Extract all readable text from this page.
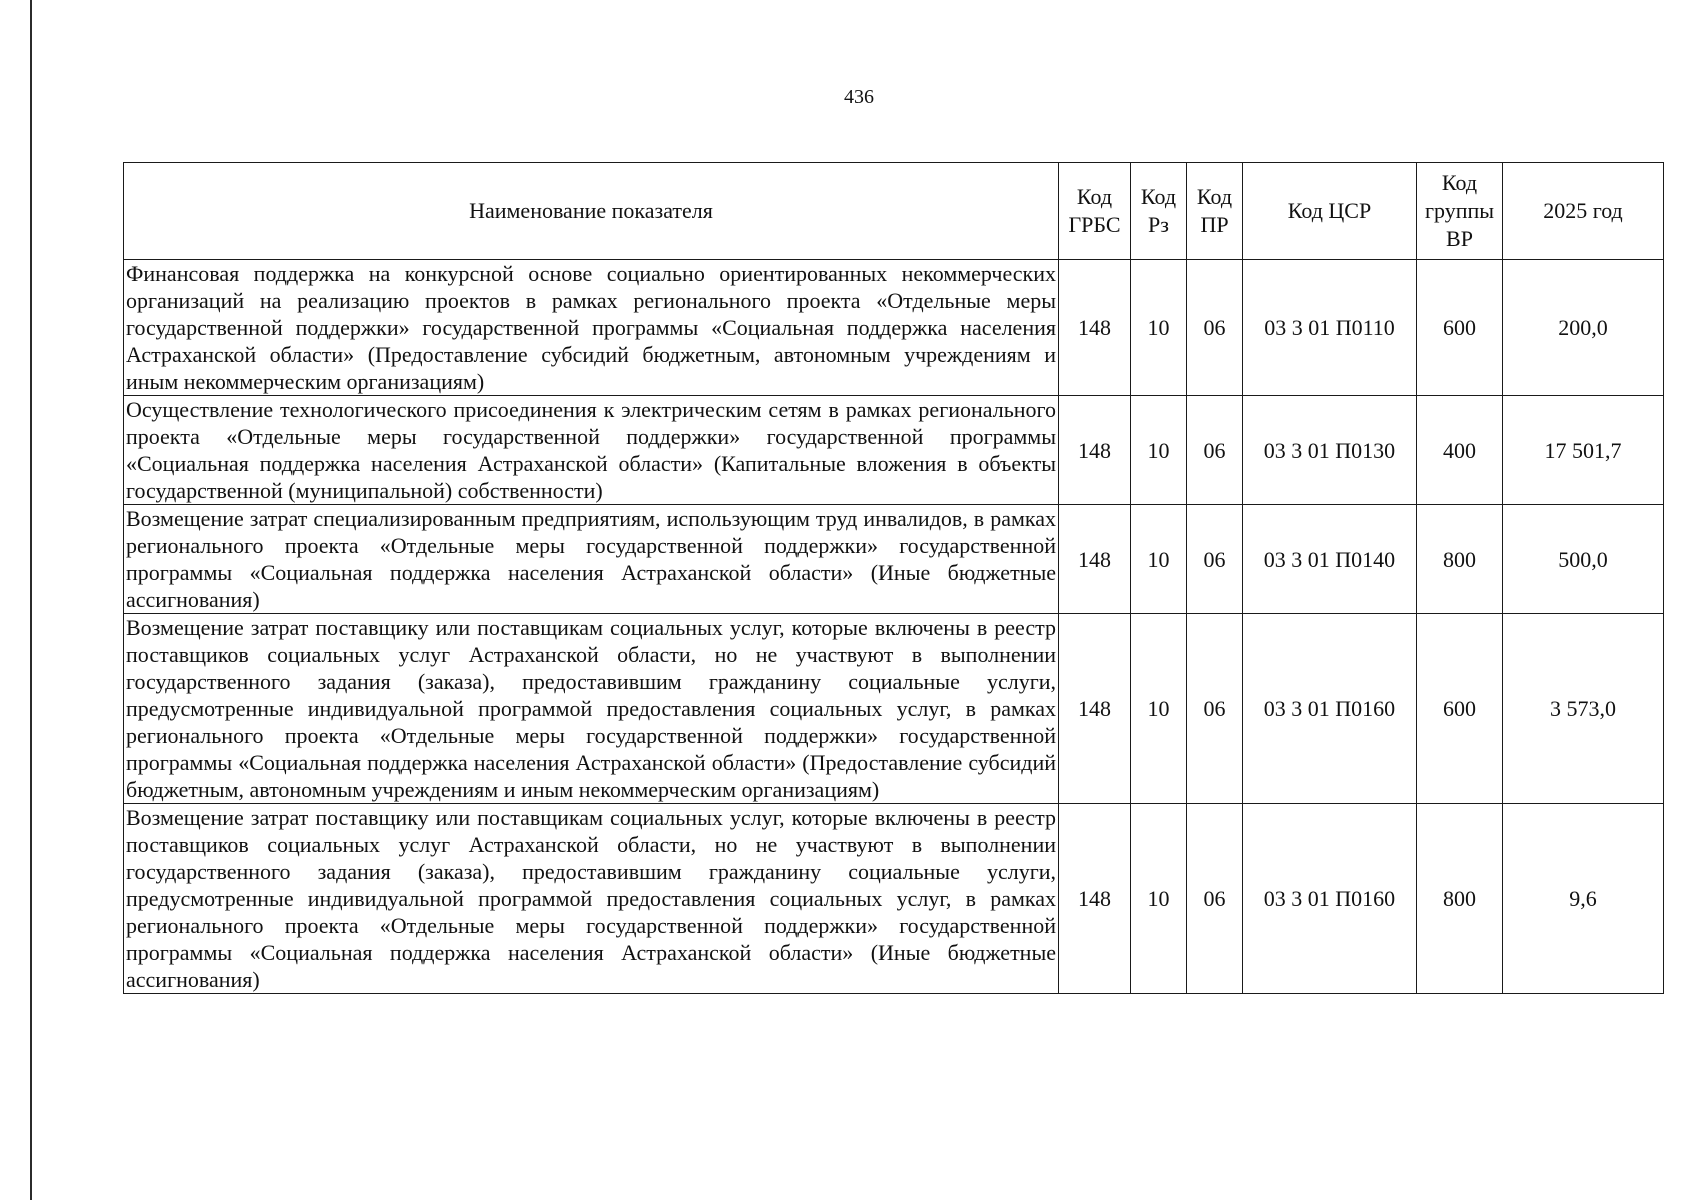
436
Наименование показателя	Код ГРБС	Код Рз	Код ПР	Код ЦСР	Код группы ВР	2025 год
Финансовая поддержка на конкурсной основе социально ориентированных некоммерческих организаций на реализацию проектов в рамках регионального проекта «Отдельные меры государственной поддержки» государственной программы «Социальная поддержка населения Астраханской области» (Предоставление субсидий бюджетным, автономным учреждениям и иным некоммерческим организациям)	148	10	06	03 3 01 П0110	600	200,0
Осуществление технологического присоединения к электрическим сетям в рамках регионального проекта «Отдельные меры государственной поддержки» государственной программы «Социальная поддержка населения Астраханской области» (Капитальные вложения в объекты государственной (муниципальной) собственности)	148	10	06	03 3 01 П0130	400	17 501,7
Возмещение затрат специализированным предприятиям, использующим труд инвалидов, в рамках регионального проекта «Отдельные меры государственной поддержки» государственной программы «Социальная поддержка населения Астраханской области» (Иные бюджетные ассигнования)	148	10	06	03 3 01 П0140	800	500,0
Возмещение затрат поставщику или поставщикам социальных услуг, которые включены в реестр поставщиков социальных услуг Астраханской области, но не участвуют в выполнении государственного задания (заказа), предоставившим гражданину социальные услуги, предусмотренные индивидуальной программой предоставления социальных услуг, в рамках регионального проекта «Отдельные меры государственной поддержки» государственной программы «Социальная поддержка населения Астраханской области» (Предоставление субсидий бюджетным, автономным учреждениям и иным некоммерческим организациям)	148	10	06	03 3 01 П0160	600	3 573,0
Возмещение затрат поставщику или поставщикам социальных услуг, которые включены в реестр поставщиков социальных услуг Астраханской области, но не участвуют в выполнении государственного задания (заказа), предоставившим гражданину социальные услуги, предусмотренные индивидуальной программой предоставления социальных услуг, в рамках регионального проекта «Отдельные меры государственной поддержки» государственной программы «Социальная поддержка населения Астраханской области» (Иные бюджетные ассигнования)	148	10	06	03 3 01 П0160	800	9,6
